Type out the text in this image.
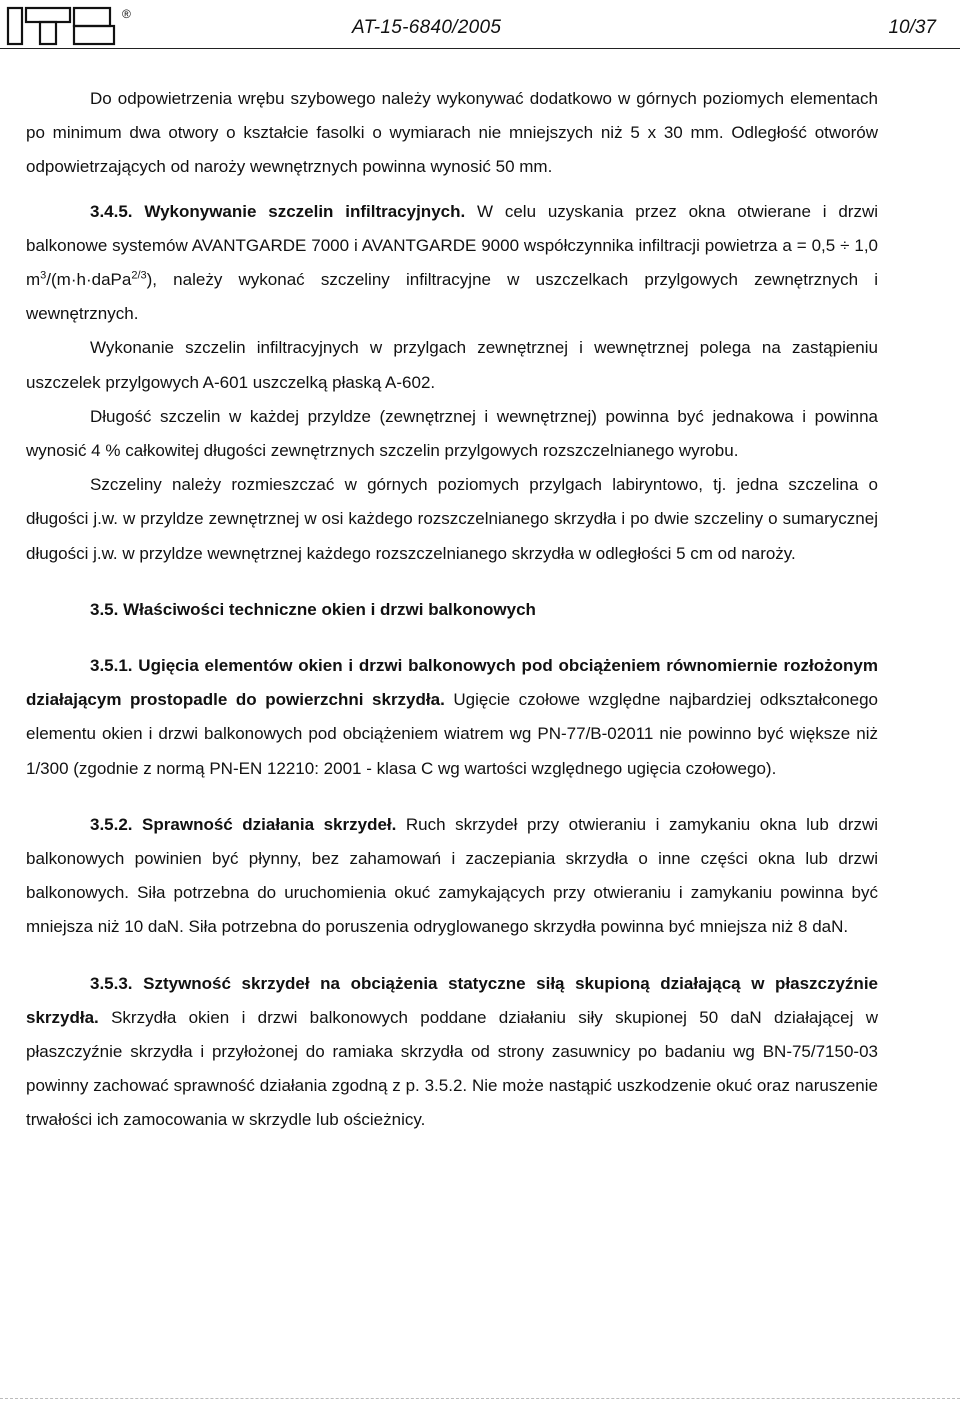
®
AT-15-6840/2005	10/37

Do odpowietrzenia wrębu szybowego należy wykonywać dodatkowo w górnych poziomych elementach po minimum dwa otwory o kształcie fasolki o wymiarach nie mniejszych niż 5 x 30 mm. Odległość otworów odpowietrzających od naroży wewnętrznych powinna wynosić 50 mm.

3.4.5. Wykonywanie szczelin infiltracyjnych. W celu uzyskania przez okna otwierane i drzwi balkonowe systemów AVANTGARDE 7000 i AVANTGARDE 9000 współczynnika infiltracji powietrza a = 0,5 ÷ 1,0 $m^3/(m\cdot h\cdot daPa^{2/3})$, należy wykonać szczeliny infiltracyjne w uszczelkach przylgowych zewnętrznych i wewnętrznych.

Wykonanie szczelin infiltracyjnych w przylgach zewnętrznej i wewnętrznej polega na zastąpieniu uszczelek przylgowych A-601 uszczelką płaską A-602.

Długość szczelin w każdej przyldze (zewnętrznej i wewnętrznej) powinna być jednakowa i powinna wynosić 4 % całkowitej długości zewnętrznych szczelin przylgowych rozszczelnianego wyrobu.

Szczeliny należy rozmieszczać w górnych poziomych przylgach labiryntowo, tj. jedna szczelina o długości j.w. w przyldze zewnętrznej w osi każdego rozszczelnianego skrzydła i po dwie szczeliny o sumarycznej długości j.w. w przyldze wewnętrznej każdego rozszczelnianego skrzydła w odległości 5 cm od naroży.

3.5. Właściwości techniczne okien i drzwi balkonowych

3.5.1. Ugięcia elementów okien i drzwi balkonowych pod obciążeniem równomiernie rozłożonym działającym prostopadle do powierzchni skrzydła. Ugięcie czołowe względne najbardziej odkształconego elementu okien i drzwi balkonowych pod obciążeniem wiatrem wg PN-77/B-02011 nie powinno być większe niż 1/300 (zgodnie z normą PN-EN 12210: 2001 - klasa C wg wartości względnego ugięcia czołowego).

3.5.2. Sprawność działania skrzydeł. Ruch skrzydeł przy otwieraniu i zamykaniu okna lub drzwi balkonowych powinien być płynny, bez zahamowań i zaczepiania skrzydła o inne części okna lub drzwi balkonowych. Siła potrzebna do uruchomienia okuć zamykających przy otwieraniu i zamykaniu powinna być mniejsza niż 10 daN. Siła potrzebna do poruszenia odryglowanego skrzydła powinna być mniejsza niż 8 daN.

3.5.3. Sztywność skrzydeł na obciążenia statyczne siłą skupioną działającą w płaszczyźnie skrzydła. Skrzydła okien i drzwi balkonowych poddane działaniu siły skupionej 50 daN działającej w płaszczyźnie skrzydła i przyłożonej do ramiaka skrzydła od strony zasuwnicy po badaniu wg BN-75/7150-03 powinny zachować sprawność działania zgodną z p. 3.5.2. Nie może nastąpić uszkodzenie okuć oraz naruszenie trwałości ich zamocowania w skrzydle lub ościeżnicy.
